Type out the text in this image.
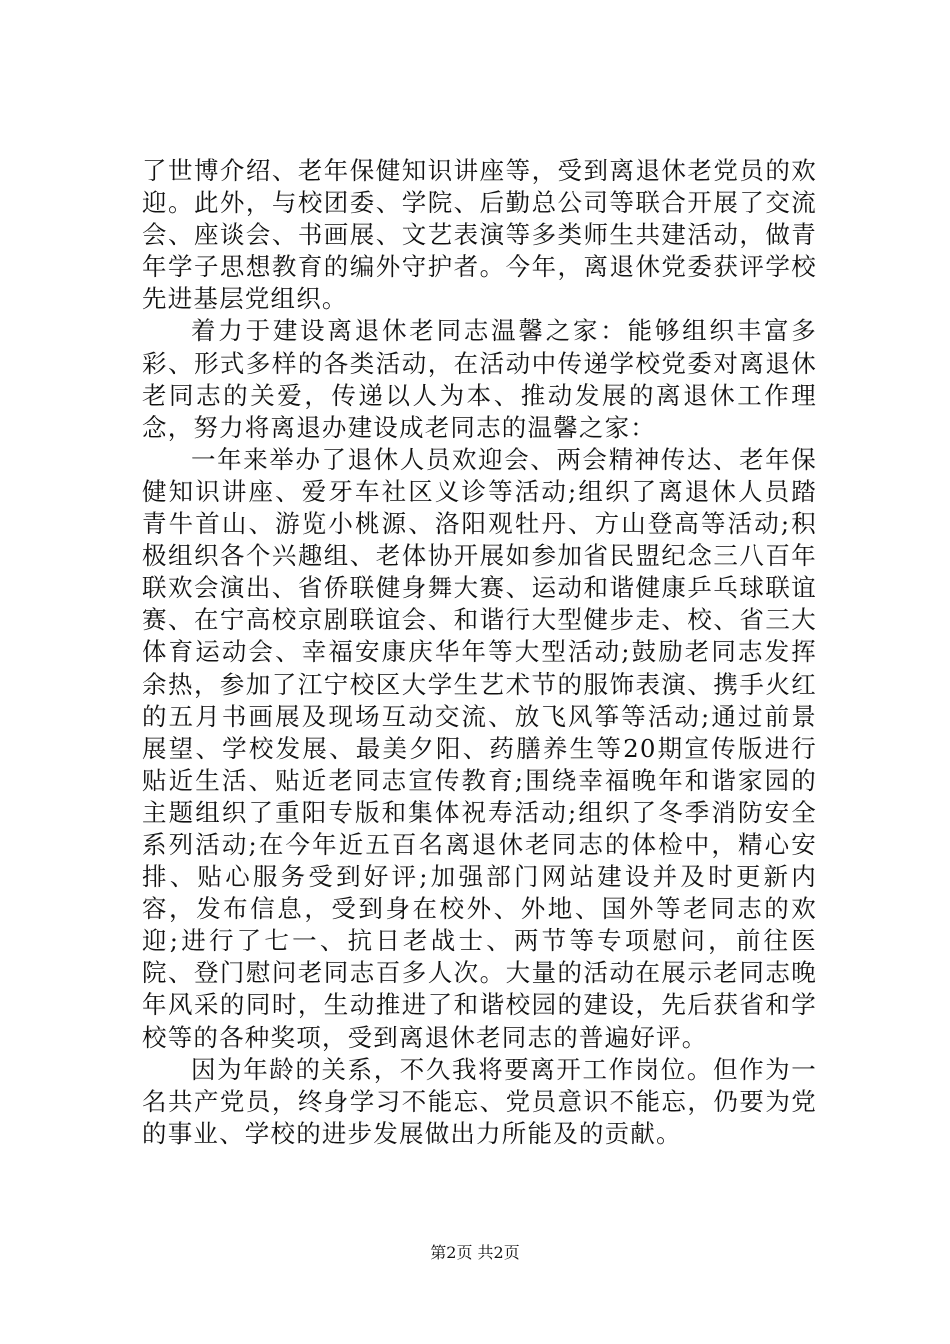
了世博介绍、老年保健知识讲座等，受到离退休老党员的欢迎。此外，与校团委、学院、后勤总公司等联合开展了交流会、座谈会、书画展、文艺表演等多类师生共建活动，做青年学子思想教育的编外守护者。今年，离退休党委获评学校先进基层党组织。

着力于建设离退休老同志温馨之家：能够组织丰富多彩、形式多样的各类活动，在活动中传递学校党委对离退休老同志的关爱，传递以人为本、推动发展的离退休工作理念，努力将离退办建设成老同志的温馨之家：

一年来举办了退休人员欢迎会、两会精神传达、老年保健知识讲座、爱牙车社区义诊等活动;组织了离退休人员踏青牛首山、游览小桃源、洛阳观牡丹、方山登高等活动;积极组织各个兴趣组、老体协开展如参加省民盟纪念三八百年联欢会演出、省侨联健身舞大赛、运动和谐健康乒乓球联谊赛、在宁高校京剧联谊会、和谐行大型健步走、校、省三大体育运动会、幸福安康庆华年等大型活动;鼓励老同志发挥余热，参加了江宁校区大学生艺术节的服饰表演、携手火红的五月书画展及现场互动交流、放飞风筝等活动;通过前景展望、学校发展、最美夕阳、药膳养生等20期宣传版进行贴近生活、贴近老同志宣传教育;围绕幸福晚年和谐家园的主题组织了重阳专版和集体祝寿活动;组织了冬季消防安全系列活动;在今年近五百名离退休老同志的体检中，精心安排、贴心服务受到好评;加强部门网站建设并及时更新内容，发布信息，受到身在校外、外地、国外等老同志的欢迎;进行了七一、抗日老战士、两节等专项慰问，前往医院、登门慰问老同志百多人次。大量的活动在展示老同志晚年风采的同时，生动推进了和谐校园的建设，先后获省和学校等的各种奖项，受到离退休老同志的普遍好评。

因为年龄的关系，不久我将要离开工作岗位。但作为一名共产党员，终身学习不能忘、党员意识不能忘，仍要为党的事业、学校的进步发展做出力所能及的贡献。

第2页 共2页
